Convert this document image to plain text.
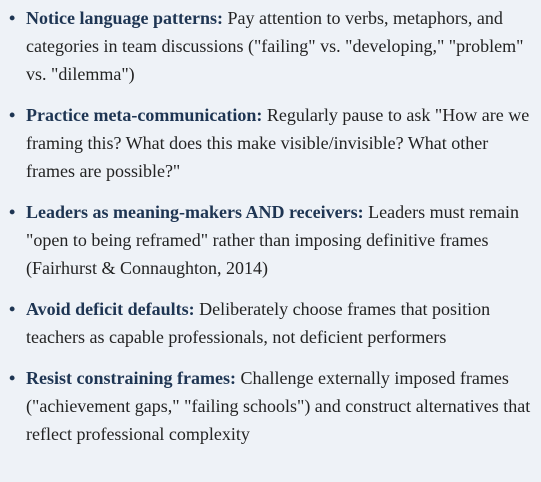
• Notice language patterns: Pay attention to verbs, metaphors, and categories in team discussions ("failing" vs. "developing," "problem" vs. "dilemma")
• Practice meta-communication: Regularly pause to ask "How are we framing this? What does this make visible/invisible? What other frames are possible?"
• Leaders as meaning-makers AND receivers: Leaders must remain "open to being reframed" rather than imposing definitive frames (Fairhurst & Connaughton, 2014)
• Avoid deficit defaults: Deliberately choose frames that position teachers as capable professionals, not deficient performers
• Resist constraining frames: Challenge externally imposed frames ("achievement gaps," "failing schools") and construct alternatives that reflect professional complexity
